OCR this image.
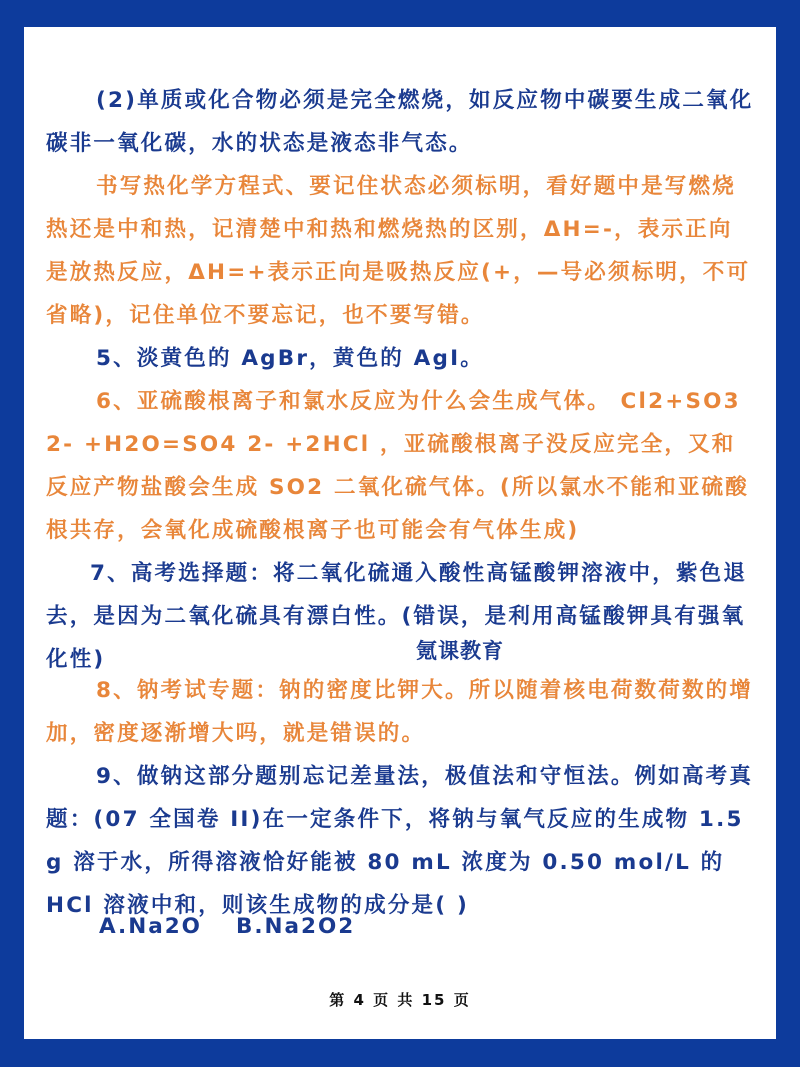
(2)单质或化合物必须是完全燃烧，如反应物中碳要生成二氧化碳非一氧化碳，水的状态是液态非气态。

书写热化学方程式、要记住状态必须标明，看好题中是写燃烧热还是中和热，记清楚中和热和燃烧热的区别，ΔH=-，表示正向是放热反应，ΔH=+表示正向是吸热反应(+，—号必须标明，不可省略)，记住单位不要忘记，也不要写错。

5、淡黄色的 AgBr，黄色的 AgI。

6、亚硫酸根离子和氯水反应为什么会生成气体。 Cl2+SO3 2- +H2O=SO4 2- +2HCl ，亚硫酸根离子没反应完全，又和反应产物盐酸会生成 SO2 二氧化硫气体。(所以氯水不能和亚硫酸根共存，会氧化成硫酸根离子也可能会有气体生成)

7、高考选择题：将二氧化硫通入酸性高锰酸钾溶液中，紫色退去，是因为二氧化硫具有漂白性。(错误，是利用高锰酸钾具有强氧化性)	氪课教育

8、钠考试专题：钠的密度比钾大。所以随着核电荷数荷数的增加，密度逐渐增大吗，就是错误的。

9、做钠这部分题别忘记差量法，极值法和守恒法。例如高考真题：(07 全国卷 II)在一定条件下，将钠与氧气反应的生成物 1.5 g 溶于水，所得溶液恰好能被 80 mL 浓度为 0.50 mol/L 的 HCl 溶液中和，则该生成物的成分是( )

A.Na2O B.Na2O2
第 4 页 共 15 页
